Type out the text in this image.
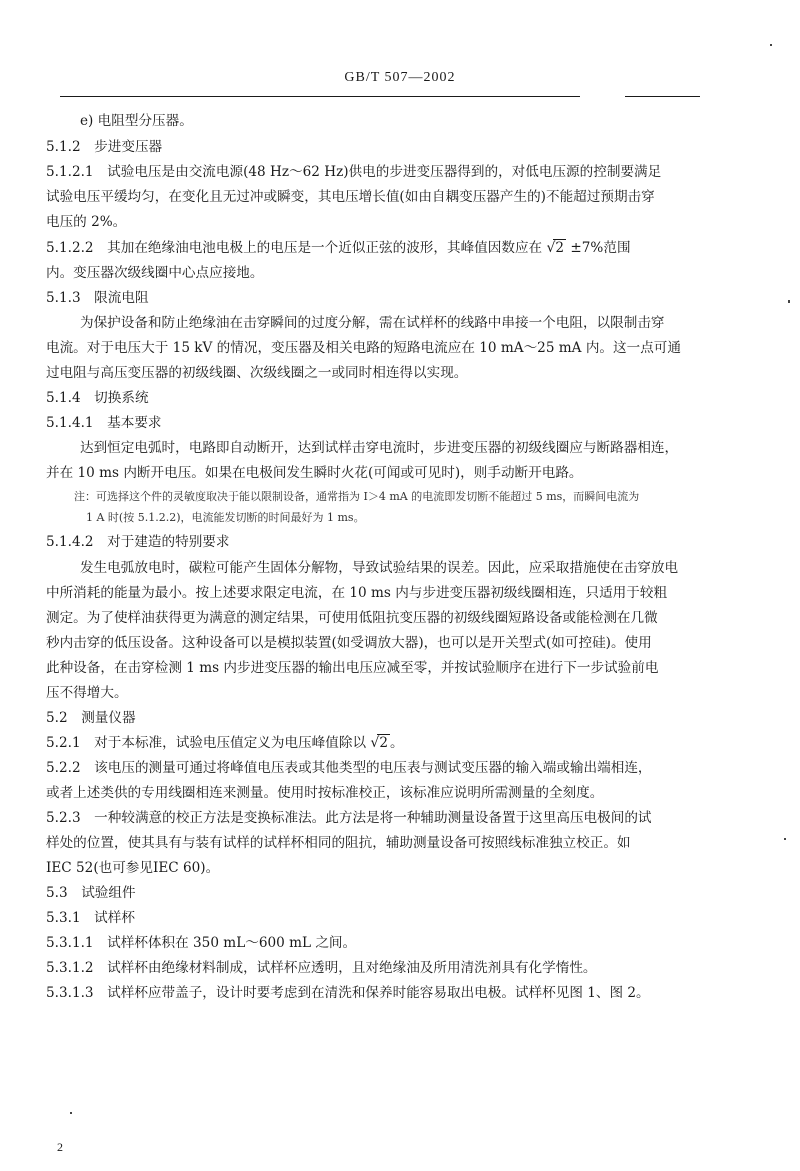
GB/T 507—2002
e) 电阻型分压器。
5.1.2　步进变压器
5.1.2.1　试验电压是由交流电源(48 Hz～62 Hz)供电的步进变压器得到的，对低电压源的控制要满足
试验电压平缓均匀，在变化且无过冲或瞬变，其电压增长值(如由自耦变压器产生的)不能超过预期击穿
电压的 2%。
5.1.2.2　其加在绝缘油电池电极上的电压是一个近似正弦的波形，其峰值因数应在 √2 ±7%范围
内。变压器次级线圈中心点应接地。
5.1.3　限流电阻
为保护设备和防止绝缘油在击穿瞬间的过度分解，需在试样杯的线路中串接一个电阻，以限制击穿
电流。对于电压大于 15 kV 的情况，变压器及相关电路的短路电流应在 10 mA～25 mA 内。这一点可通
过电阻与高压变压器的初级线圈、次级线圈之一或同时相连得以实现。
5.1.4　切换系统
5.1.4.1　基本要求
达到恒定电弧时，电路即自动断开，达到试样击穿电流时，步进变压器的初级线圈应与断路器相连，
并在 10 ms 内断开电压。如果在电极间发生瞬时火花(可闻或可见时)，则手动断开电路。
注：可选择这个件的灵敏度取决于能以限制设备，通常指为 I＞4 mA 的电流即发切断不能超过 5 ms，而瞬间电流为
1 A 时(按 5.1.2.2)，电流能发切断的时间最好为 1 ms。
5.1.4.2　对于建造的特别要求
发生电弧放电时，碳粒可能产生固体分解物，导致试验结果的误差。因此，应采取措施使在击穿放电
中所消耗的能量为最小。按上述要求限定电流，在 10 ms 内与步进变压器初级线圈相连，只适用于较粗
测定。为了使样油获得更为满意的测定结果，可使用低阻抗变压器的初级线圈短路设备或能检测在几微
秒内击穿的低压设备。这种设备可以是模拟装置(如受调放大器)，也可以是开关型式(如可控硅)。使用
此种设备，在击穿检测 1 ms 内步进变压器的输出电压应减至零，并按试验顺序在进行下一步试验前电
压不得增大。
5.2　测量仪器
5.2.1　对于本标准，试验电压值定义为电压峰值除以 √2 。
5.2.2　该电压的测量可通过将峰值电压表或其他类型的电压表与测试变压器的输入端或输出端相连，
或者上述类供的专用线圈相连来测量。使用时按标准校正，该标准应说明所需测量的全刻度。
5.2.3　一种较满意的校正方法是变换标准法。此方法是将一种辅助测量设备置于这里高压电极间的试
样处的位置，使其具有与装有试样的试样杯相同的阻抗，辅助测量设备可按照线标准独立校正。如
IEC 52(也可参见IEC 60)。
5.3　试验组件
5.3.1　试样杯
5.3.1.1　试样杯体积在 350 mL～600 mL 之间。
5.3.1.2　试样杯由绝缘材料制成，试样杯应透明，且对绝缘油及所用清洗剂具有化学惰性。
5.3.1.3　试样杯应带盖子，设计时要考虑到在清洗和保养时能容易取出电极。试样杯见图 1、图 2。
2
